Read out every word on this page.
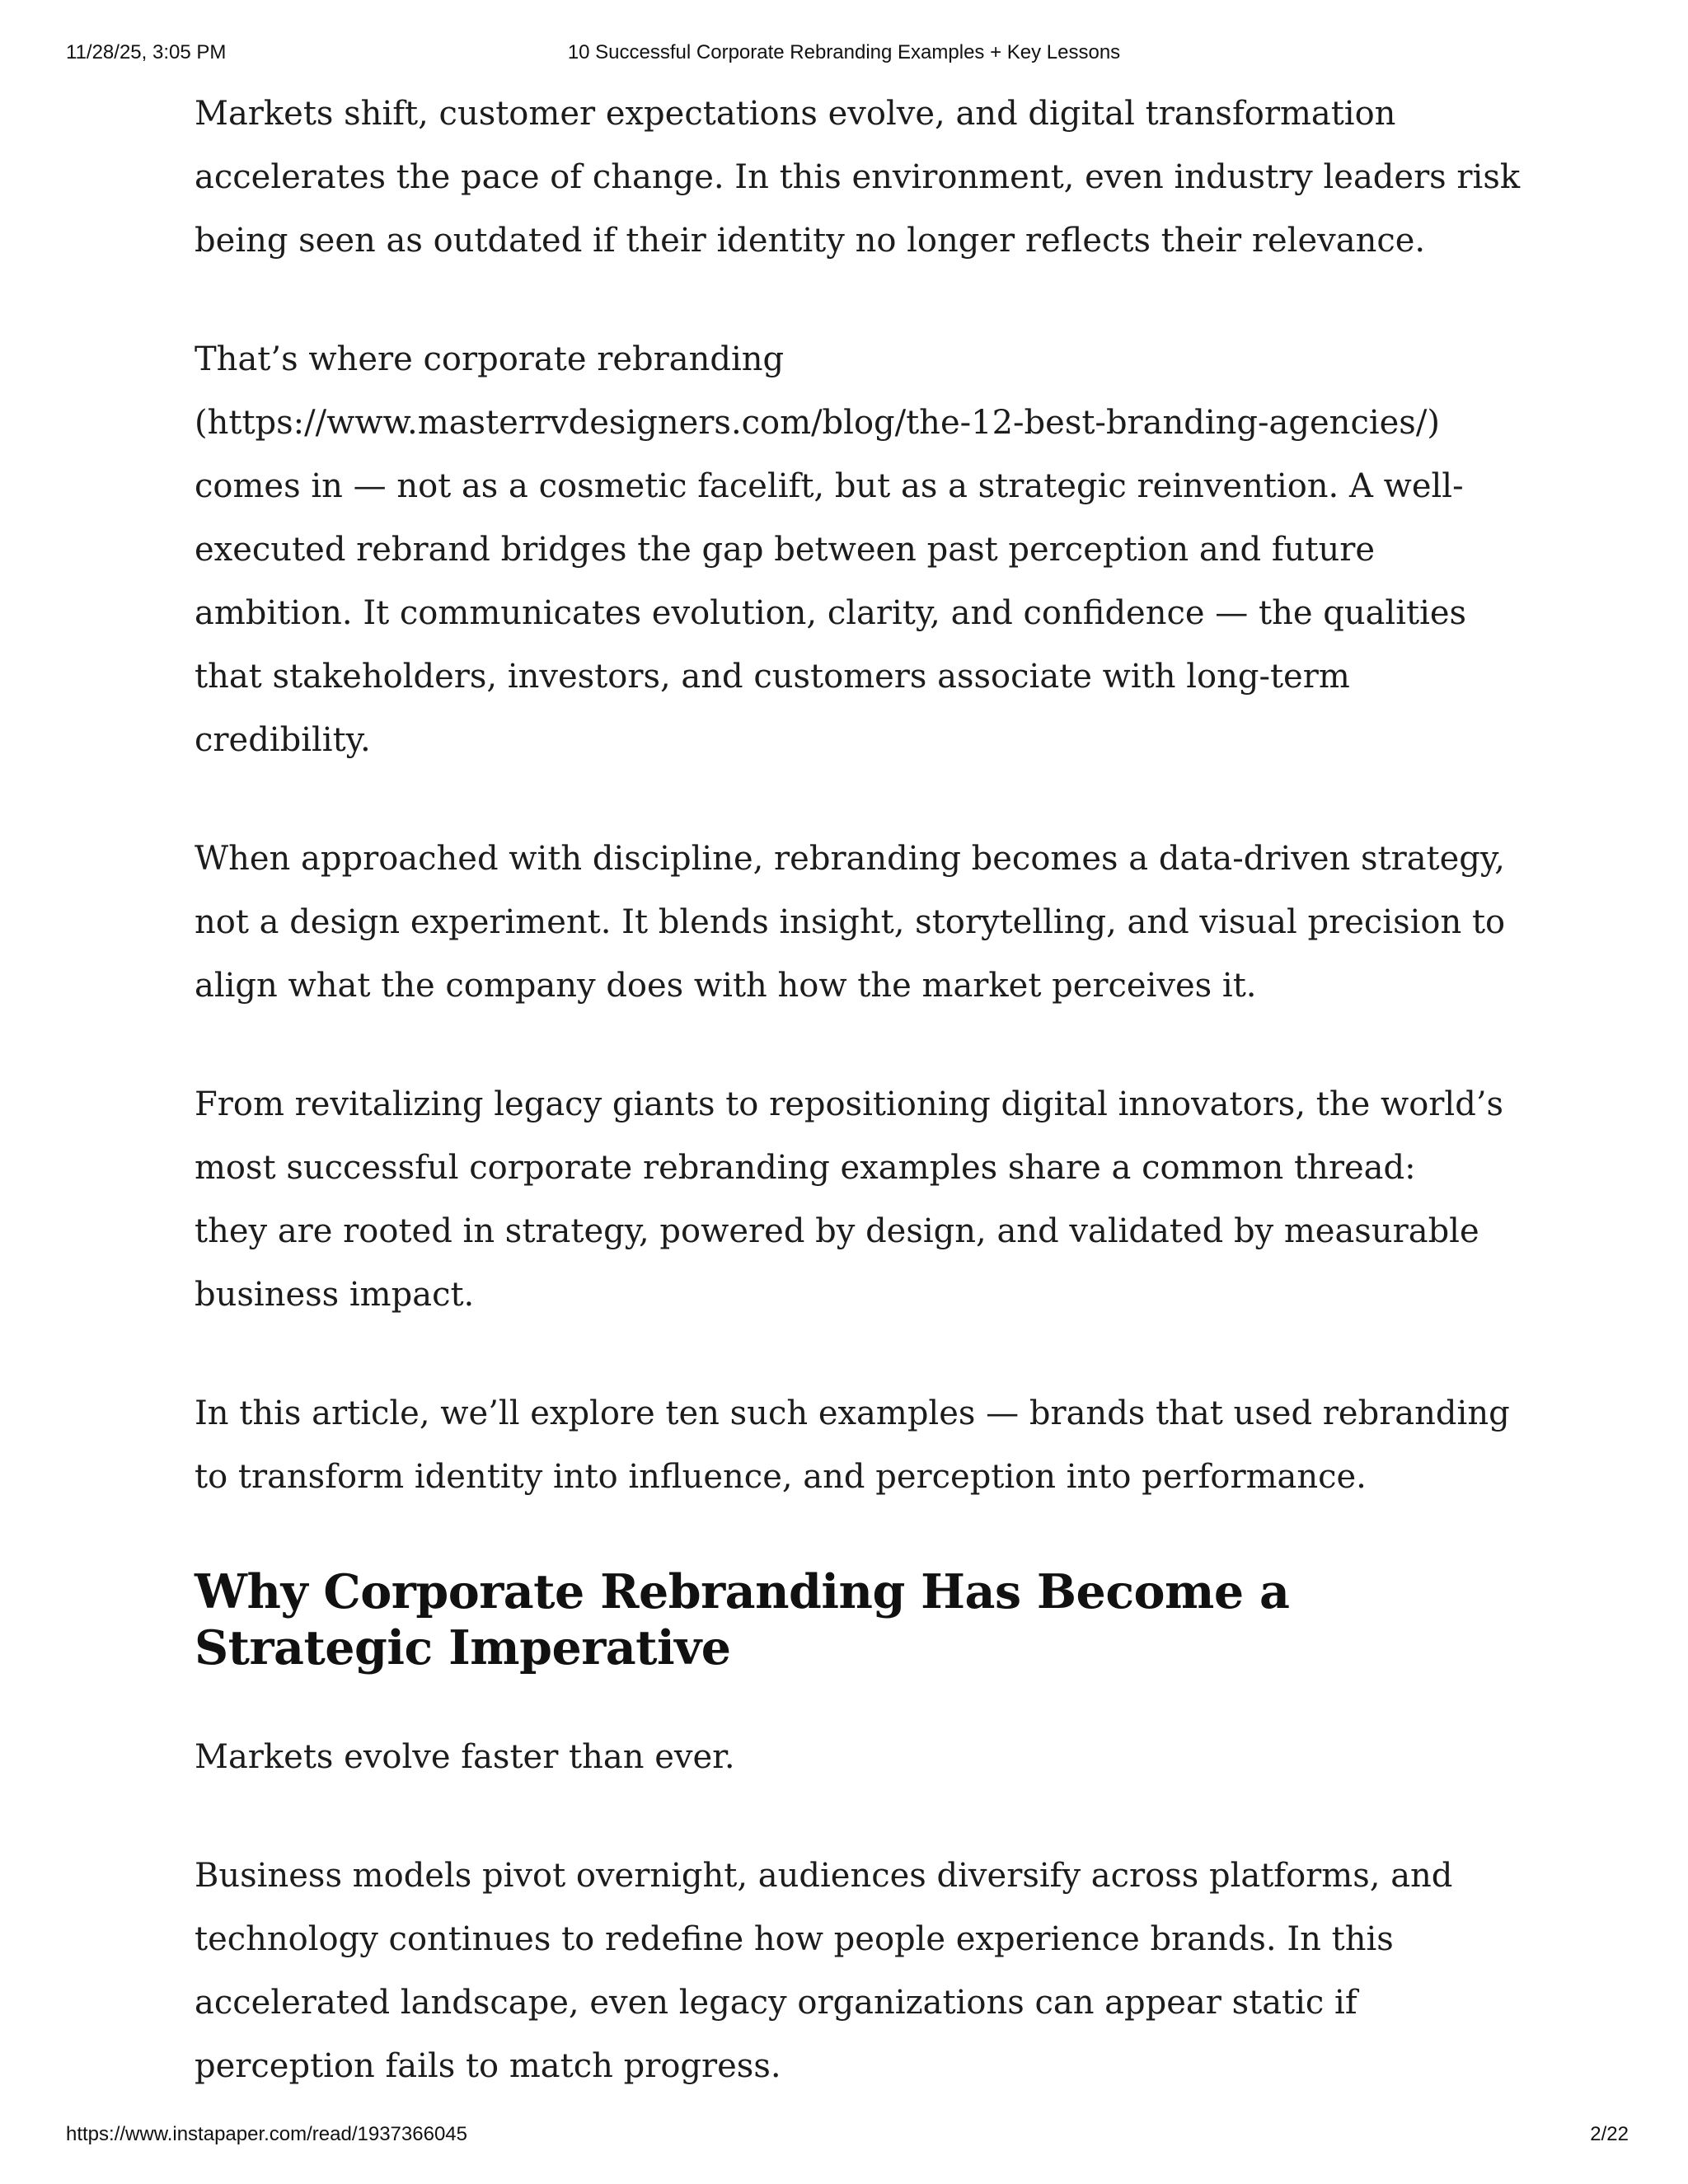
11/28/25, 3:05 PM	10 Successful Corporate Rebranding Examples + Key Lessons

Markets shift, customer expectations evolve, and digital transformation accelerates the pace of change. In this environment, even industry leaders risk being seen as outdated if their identity no longer reflects their relevance.

That’s where corporate rebranding (https://www.masterrvdesigners.com/blog/the-12-best-branding-agencies/) comes in — not as a cosmetic facelift, but as a strategic reinvention. A well-executed rebrand bridges the gap between past perception and future ambition. It communicates evolution, clarity, and confidence — the qualities that stakeholders, investors, and customers associate with long-term credibility.

When approached with discipline, rebranding becomes a data-driven strategy, not a design experiment. It blends insight, storytelling, and visual precision to align what the company does with how the market perceives it.

From revitalizing legacy giants to repositioning digital innovators, the world’s most successful corporate rebranding examples share a common thread:
they are rooted in strategy, powered by design, and validated by measurable business impact.

In this article, we’ll explore ten such examples — brands that used rebranding to transform identity into influence, and perception into performance.

Why Corporate Rebranding Has Become a Strategic Imperative

Markets evolve faster than ever.

Business models pivot overnight, audiences diversify across platforms, and technology continues to redefine how people experience brands. In this accelerated landscape, even legacy organizations can appear static if perception fails to match progress.

https://www.instapaper.com/read/1937366045	2/22
